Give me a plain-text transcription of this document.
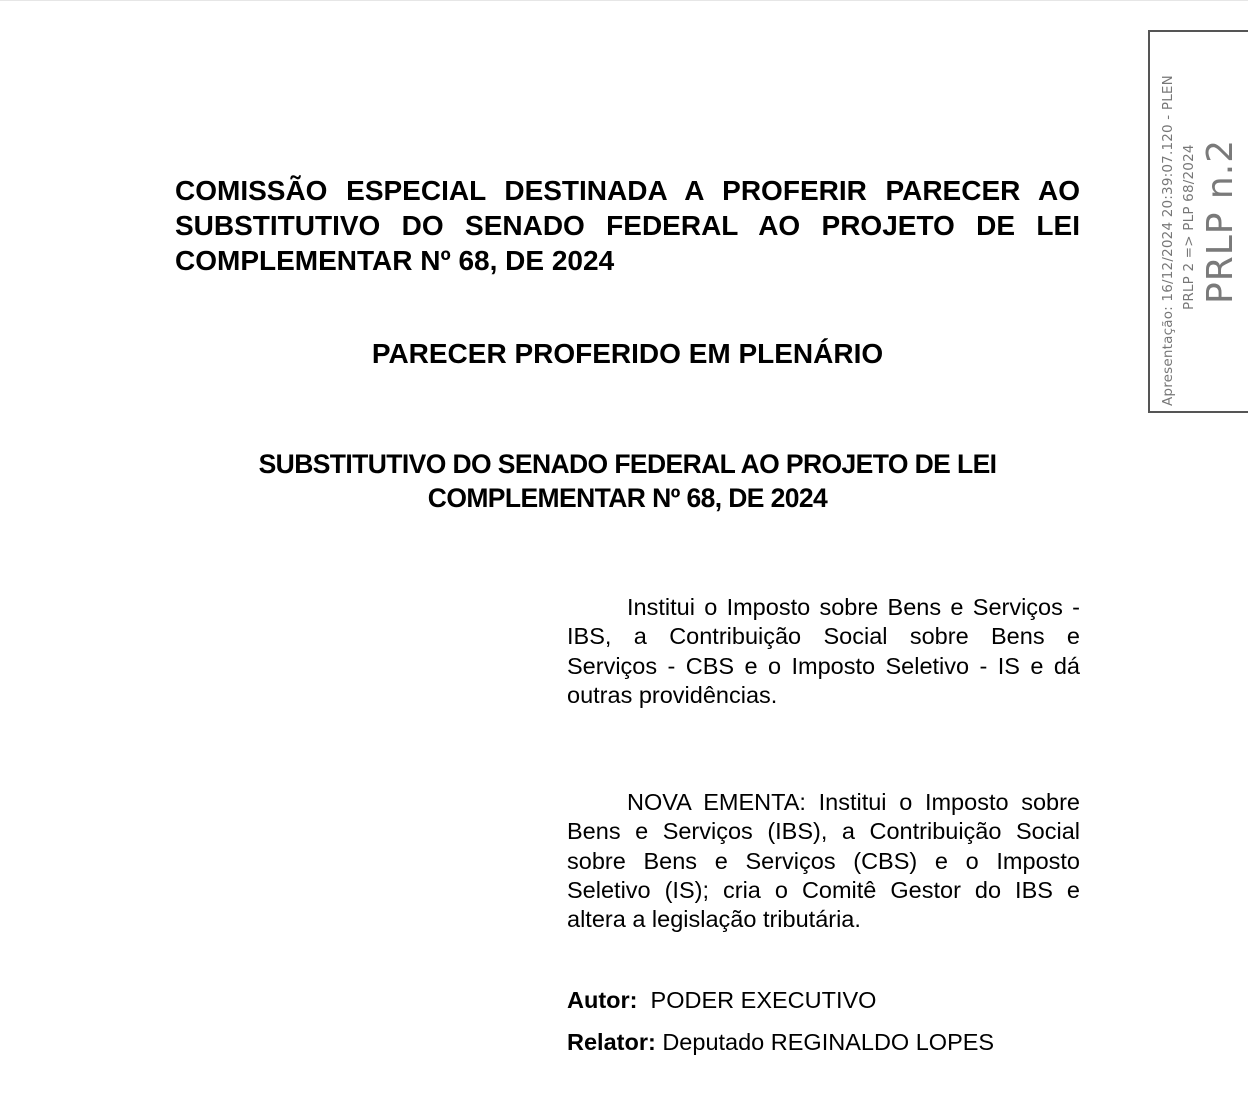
COMISSÃO ESPECIAL DESTINADA A PROFERIR PARECER AO SUBSTITUTIVO DO SENADO FEDERAL AO PROJETO DE LEI COMPLEMENTAR Nº 68, DE 2024

PARECER PROFERIDO EM PLENÁRIO

SUBSTITUTIVO DO SENADO FEDERAL AO PROJETO DE LEI
COMPLEMENTAR Nº 68, DE 2024

Institui o Imposto sobre Bens e Serviços - IBS, a Contribuição Social sobre Bens e Serviços - CBS e o Imposto Seletivo - IS e dá outras providências.

NOVA EMENTA: Institui o Imposto sobre Bens e Serviços (IBS), a Contribuição Social sobre Bens e Serviços (CBS) e o Imposto Seletivo (IS); cria o Comitê Gestor do IBS e altera a legislação tributária.

Autor: PODER EXECUTIVO

Relator: Deputado REGINALDO LOPES

Apresentação: 16/12/2024 20:39:07.120 - PLEN PRLP 2 => PLP 68/2024 PRLP n.2
